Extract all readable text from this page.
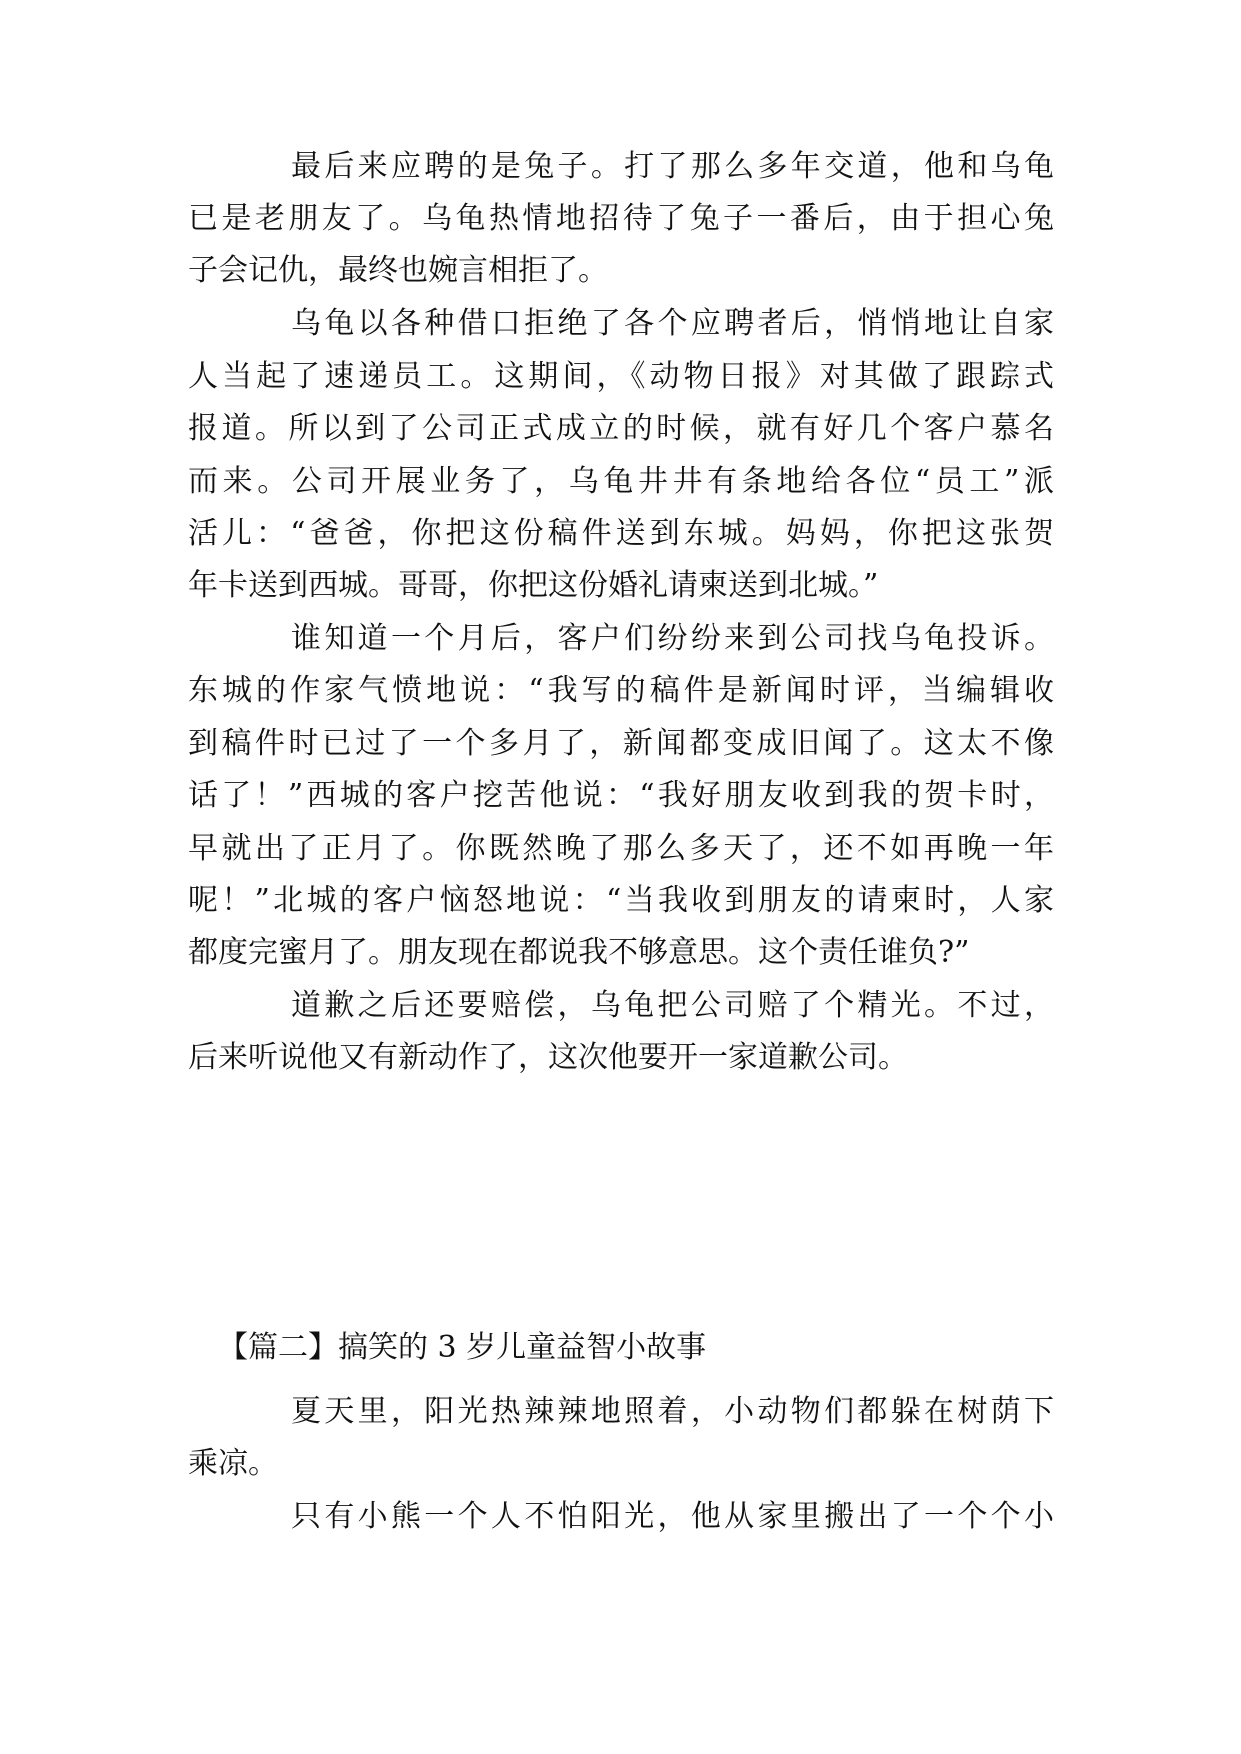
最后来应聘的是兔子。打了那么多年交道，他和乌龟
已是老朋友了。乌龟热情地招待了兔子一番后，由于担心兔
子会记仇，最终也婉言相拒了。
乌龟以各种借口拒绝了各个应聘者后，悄悄地让自家
人当起了速递员工。这期间，《动物日报》对其做了跟踪式
报道。所以到了公司正式成立的时候，就有好几个客户慕名
而来。公司开展业务了，乌龟井井有条地给各位“员工”派
活儿：“爸爸，你把这份稿件送到东城。妈妈，你把这张贺
年卡送到西城。哥哥，你把这份婚礼请柬送到北城。”
谁知道一个月后，客户们纷纷来到公司找乌龟投诉。
东城的作家气愤地说：“我写的稿件是新闻时评，当编辑收
到稿件时已过了一个多月了，新闻都变成旧闻了。这太不像
话了！”西城的客户挖苦他说：“我好朋友收到我的贺卡时，
早就出了正月了。你既然晚了那么多天了，还不如再晚一年
呢！”北城的客户恼怒地说：“当我收到朋友的请柬时，人家
都度完蜜月了。朋友现在都说我不够意思。这个责任谁负?”
道歉之后还要赔偿，乌龟把公司赔了个精光。不过，
后来听说他又有新动作了，这次他要开一家道歉公司。
【篇二】搞笑的 3 岁儿童益智小故事
夏天里，阳光热辣辣地照着，小动物们都躲在树荫下
乘凉。
只有小熊一个人不怕阳光，他从家里搬出了一个个小
